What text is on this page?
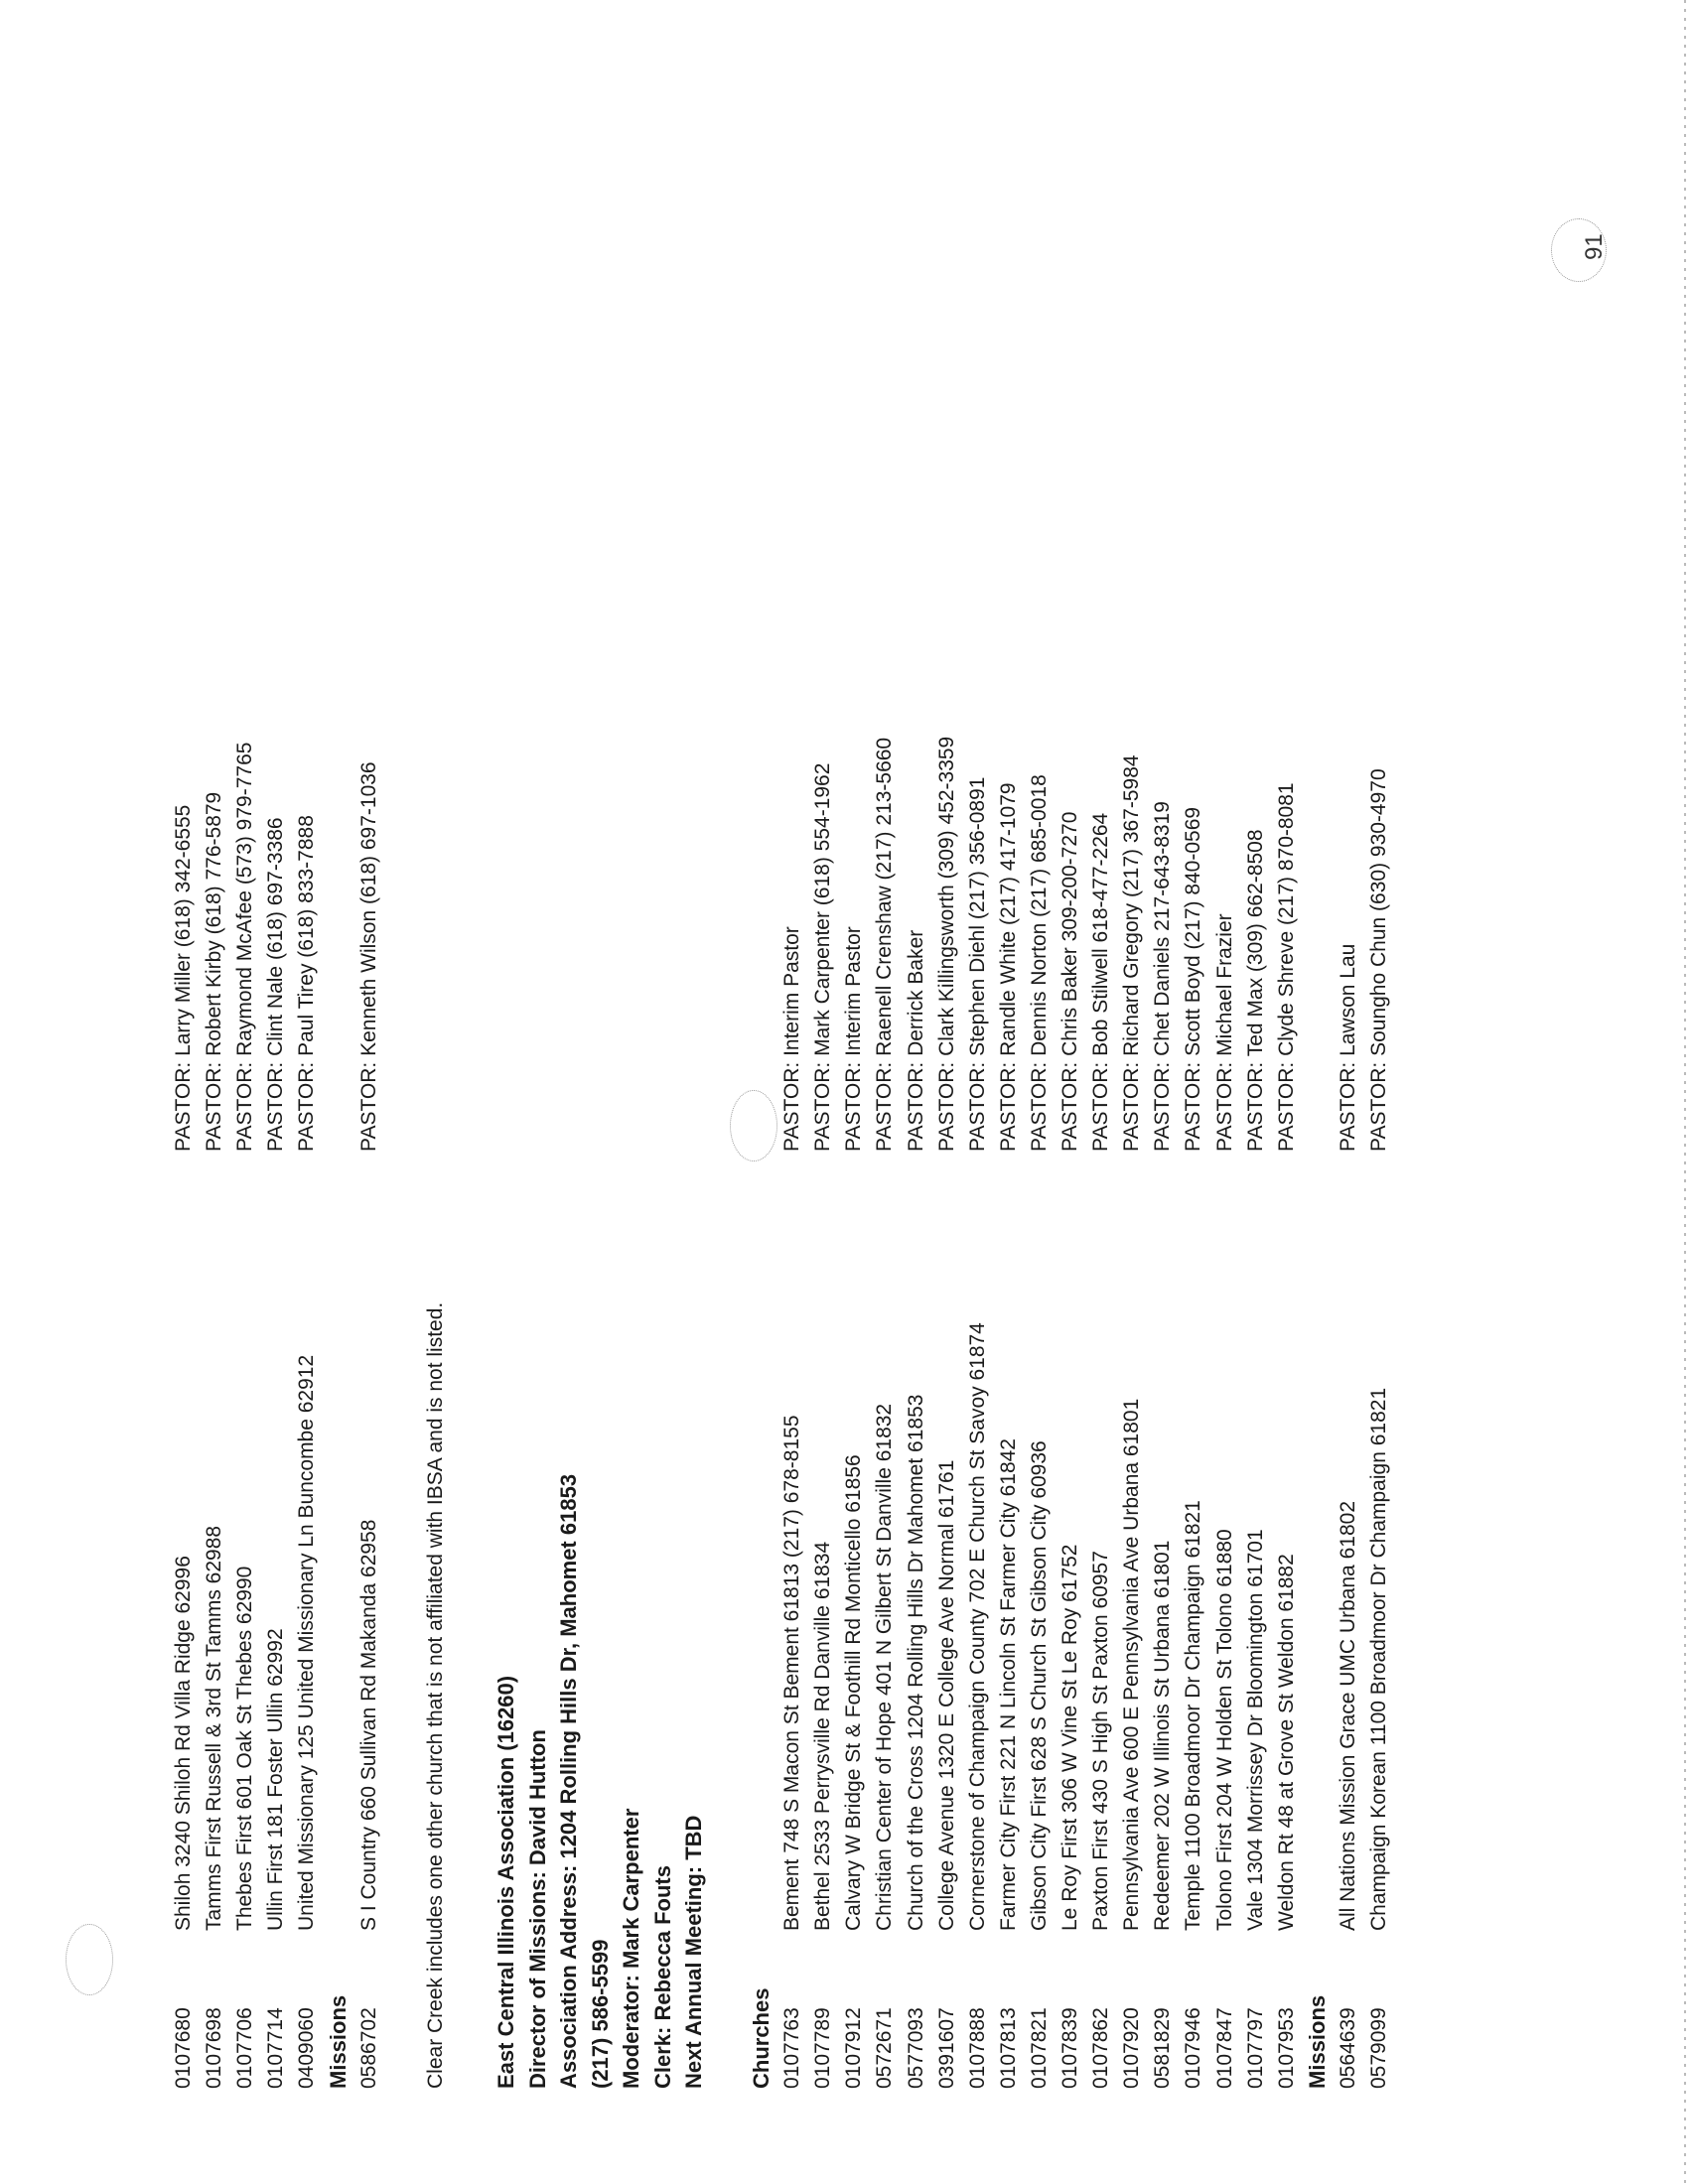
91
0107680
Shiloh 3240 Shiloh Rd Villa Ridge 62996
PASTOR: Larry Miller (618) 342-6555
0107698
Tamms First Russell & 3rd St Tamms 62988
PASTOR: Robert Kirby (618) 776-5879
0107706
Thebes First 601 Oak St Thebes 62990
PASTOR: Raymond McAfee (573) 979-7765
0107714
Ullin First 181 Foster Ullin 62992
PASTOR: Clint Nale (618) 697-3386
0409060
United Missionary 125 United Missionary Ln Buncombe 62912
PASTOR: Paul Tirey (618) 833-7888
Missions 0586702
S I Country 660 Sullivan Rd Makanda 62958
PASTOR: Kenneth Wilson (618) 697-1036
Clear Creek includes one other church that is not affiliated with IBSA and is not listed. East Central Illinois Association (16260) Director of Missions: David Hutton Association Address: 1204 Rolling Hills Dr, Mahomet 61853 (217) 586-5599 Moderator: Mark Carpenter Clerk: Rebecca Fouts Next Annual Meeting: TBD Churches 0107763
Bement 748 S Macon St Bement 61813 (217) 678-8155
PASTOR: Interim Pastor
0107789
Bethel 2533 Perrysville Rd Danville 61834
PASTOR: Mark Carpenter (618) 554-1962
0107912
Calvary W Bridge St & Foothill Rd Monticello 61856
PASTOR: Interim Pastor
0572671
Christian Center of Hope 401 N Gilbert St Danville 61832
PASTOR: Raenell Crenshaw (217) 213-5660
0577093
Church of the Cross 1204 Rolling Hills Dr Mahomet 61853
PASTOR: Derrick Baker
0391607
College Avenue 1320 E College Ave Normal 61761
PASTOR: Clark Killingsworth (309) 452-3359
0107888
Cornerstone of Champaign County 702 E Church St Savoy 61874
PASTOR: Stephen Diehl (217) 356-0891
0107813
Farmer City First 221 N Lincoln St Farmer City 61842
PASTOR: Randle White (217) 417-1079
0107821
Gibson City First 628 S Church St Gibson City 60936
PASTOR: Dennis Norton (217) 685-0018
0107839
Le Roy First 306 W Vine St Le Roy 61752
PASTOR: Chris Baker 309-200-7270
0107862
Paxton First 430 S High St Paxton 60957
PASTOR: Bob Stilwell 618-477-2264
0107920
Pennsylvania Ave 600 E Pennsylvania Ave Urbana 61801
PASTOR: Richard Gregory (217) 367-5984
0581829
Redeemer 202 W Illinois St Urbana 61801
PASTOR: Chet Daniels 217-643-8319
0107946
Temple 1100 Broadmoor Dr Champaign 61821
PASTOR: Scott Boyd (217) 840-0569
0107847
Tolono First 204 W Holden St Tolono 61880
PASTOR: Michael Frazier
0107797
Vale 1304 Morrissey Dr Bloomington 61701
PASTOR: Ted Max (309) 662-8508
0107953
Weldon Rt 48 at Grove St Weldon 61882
PASTOR: Clyde Shreve (217) 870-8081
Missions 0564639
All Nations Mission Grace UMC Urbana 61802
PASTOR: Lawson Lau
0579099
Champaign Korean 1100 Broadmoor Dr Champaign 61821
PASTOR: Soungho Chun (630) 930-4970
